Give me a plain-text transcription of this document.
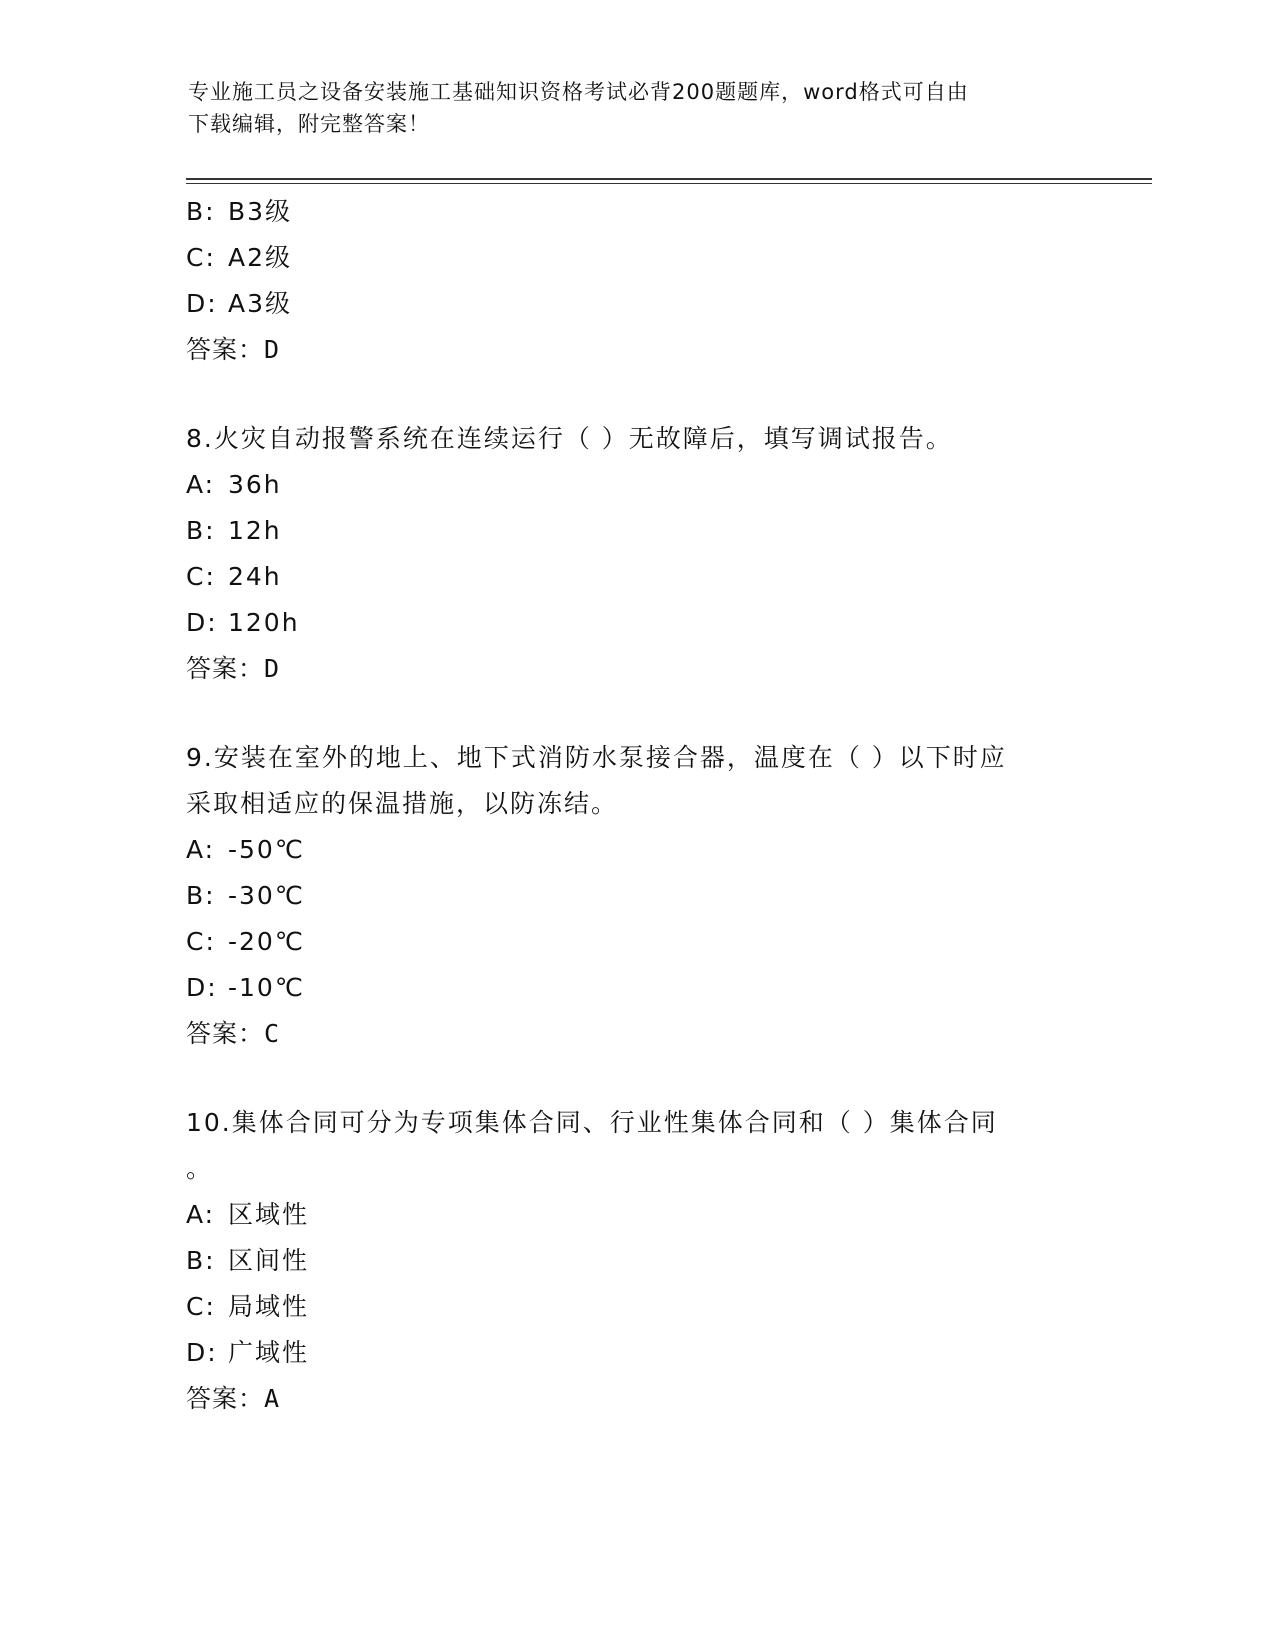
专业施工员之设备安装施工基础知识资格考试必背200题题库，word格式可自由
下载编辑，附完整答案！
B: B3级
C: A2级
D: A3级
答案：D
8.火灾自动报警系统在连续运行（ ）无故障后，填写调试报告。
A: 36h
B: 12h
C: 24h
D: 120h
答案：D
9.安装在室外的地上、地下式消防水泵接合器，温度在（ ）以下时应
采取相适应的保温措施，以防冻结。
A: -50℃
B: -30℃
C: -20℃
D: -10℃
答案：C
10.集体合同可分为专项集体合同、行业性集体合同和（ ）集体合同
。
A: 区域性
B: 区间性
C: 局域性
D: 广域性
答案：A
